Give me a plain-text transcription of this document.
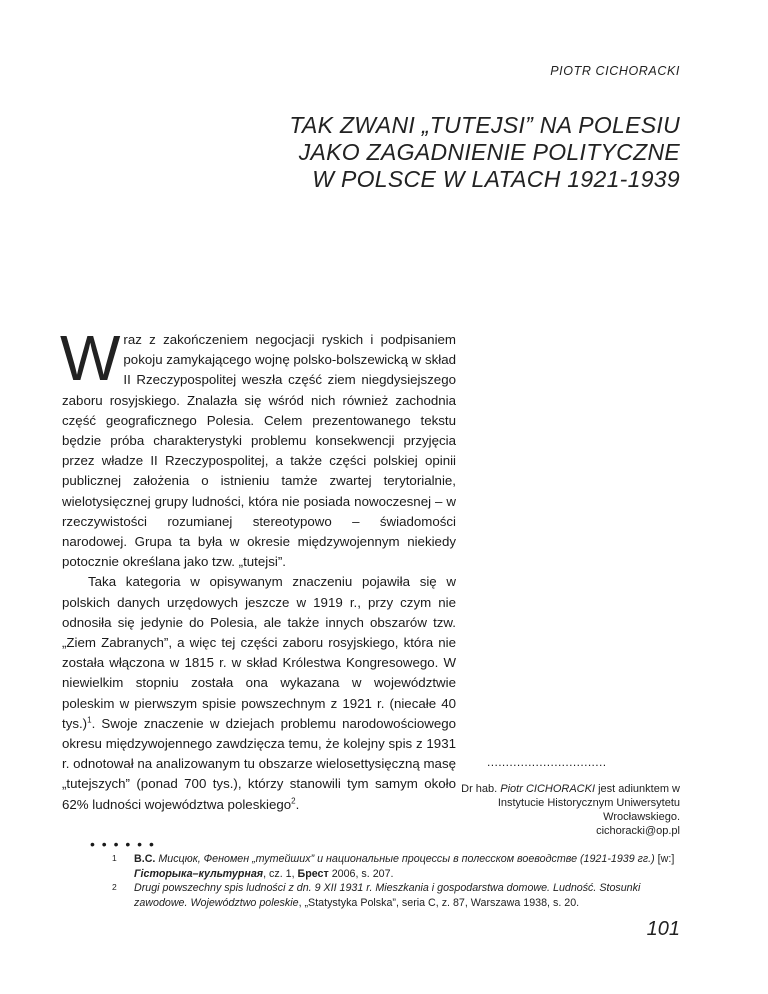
PIOTR CICHORACKI
TAK ZWANI „TUTEJSI” NA POLESIU
JAKO ZAGADNIENIE POLITYCZNE
W POLSCE W LATACH 1921-1939

Wraz z zakończeniem negocjacji ryskich i podpisaniem pokoju zamykającego wojnę polsko-bolszewicką w skład II Rzeczypospolitej weszła część ziem niegdysiejszego zaboru rosyjskiego. Znalazła się wśród nich również zachodnia część geograficznego Polesia. Celem prezentowanego tekstu będzie próba charakterystyki problemu konsekwencji przyjęcia przez władze II Rzeczypospolitej, a także części polskiej opinii publicznej założenia o istnieniu tamże zwartej terytorialnie, wielotysięcznej grupy ludności, która nie posiada nowoczesnej – w rzeczywistości rozumianej stereotypowo – świadomości narodowej. Grupa ta była w okresie międzywojennym niekiedy potocznie określana jako tzw. „tutejsi”.

Taka kategoria w opisywanym znaczeniu pojawiła się w polskich danych urzędowych jeszcze w 1919 r., przy czym nie odnosiła się jedynie do Polesia, ale także innych obszarów tzw. „Ziem Zabranych”, a więc tej części zaboru rosyjskiego, która nie została włączona w 1815 r. w skład Królestwa Kongresowego. W niewielkim stopniu została ona wykazana w województwie poleskim w pierwszym spisie powszechnym z 1921 r. (niecałe 40 tys.)$^1$. Swoje znaczenie w dziejach problemu narodowościowego okresu międzywojennego zawdzięcza temu, że kolejny spis z 1931 r. odnotował na analizowanym tu obszarze wielosettysięczną masę „tutejszych” (ponad 700 tys.), którzy stanowili tym samym około 62% ludności województwa poleskiego$^2$.

................................
Dr hab. Piotr CICHORACKI jest adiunktem w Instytucie Historycznym Uniwersytetu Wrocławskiego.
cichoracki@op.pl
• • • • • •
1 В.С. Мисцюк, Феномен „тутейших” и национальные процессы в полесском воеводстве (1921-1939 гг.) [w:] Гісторыка–культурная, cz. 1, Брест 2006, s. 207.
2 Drugi powszechny spis ludności z dn. 9 XII 1931 r. Mieszkania i gospodarstwa domowe. Ludność. Stosunki zawodowe. Województwo poleskie, „Statystyka Polska”, seria C, z. 87, Warszawa 1938, s. 20.
101
